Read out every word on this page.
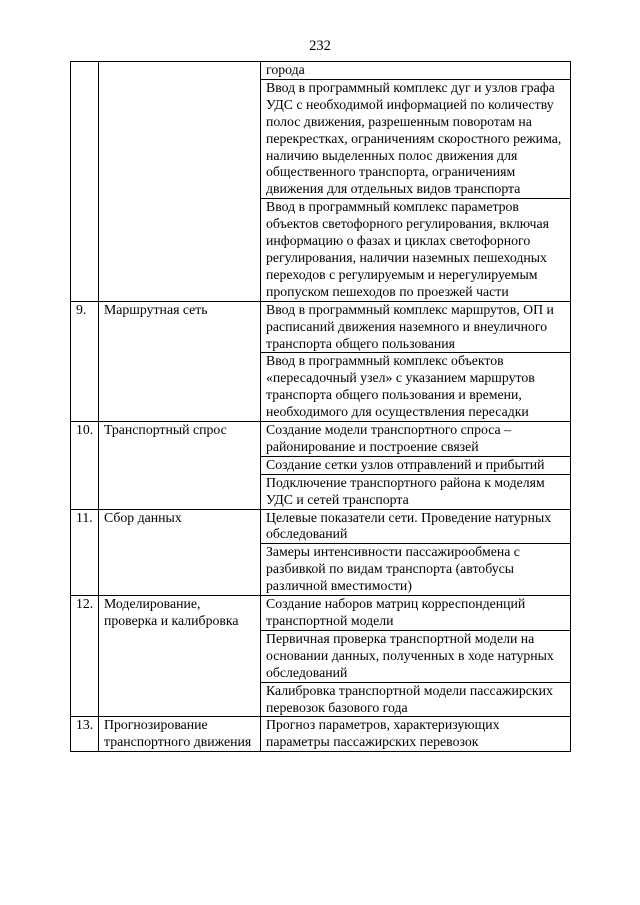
232
		города
		Ввод в программный комплекс дуг и узлов графа УДС с необходимой информацией по количеству полос движения, разрешенным поворотам на перекрестках, ограничениям скоростного режима, наличию выделенных полос движения для общественного транспорта, ограничениям движения для отдельных видов транспорта
		Ввод в программный комплекс параметров объектов светофорного регулирования, включая информацию о фазах и циклах светофорного регулирования, наличии наземных пешеходных переходов с регулируемым и нерегулируемым пропуском пешеходов по проезжей части
9.	Маршрутная сеть	Ввод в программный комплекс маршрутов, ОП и расписаний движения наземного и внеуличного транспорта общего пользования
		Ввод в программный комплекс объектов «пересадочный узел» с указанием маршрутов транспорта общего пользования и времени, необходимого для осуществления пересадки
10.	Транспортный спрос	Создание модели транспортного спроса – районирование и построение связей
		Создание сетки узлов отправлений и прибытий
		Подключение транспортного района к моделям УДС и сетей транспорта
11.	Сбор данных	Целевые показатели сети. Проведение натурных обследований
		Замеры интенсивности пассажирообмена с разбивкой по видам транспорта (автобусы различной вместимости)
12.	Моделирование, проверка и калибровка	Создание наборов матриц корреспонденций транспортной модели
		Первичная проверка транспортной модели на основании данных, полученных в ходе натурных обследований
		Калибровка транспортной модели пассажирских перевозок базового года
13.	Прогнозирование транспортного движения	Прогноз параметров, характеризующих параметры пассажирских перевозок
